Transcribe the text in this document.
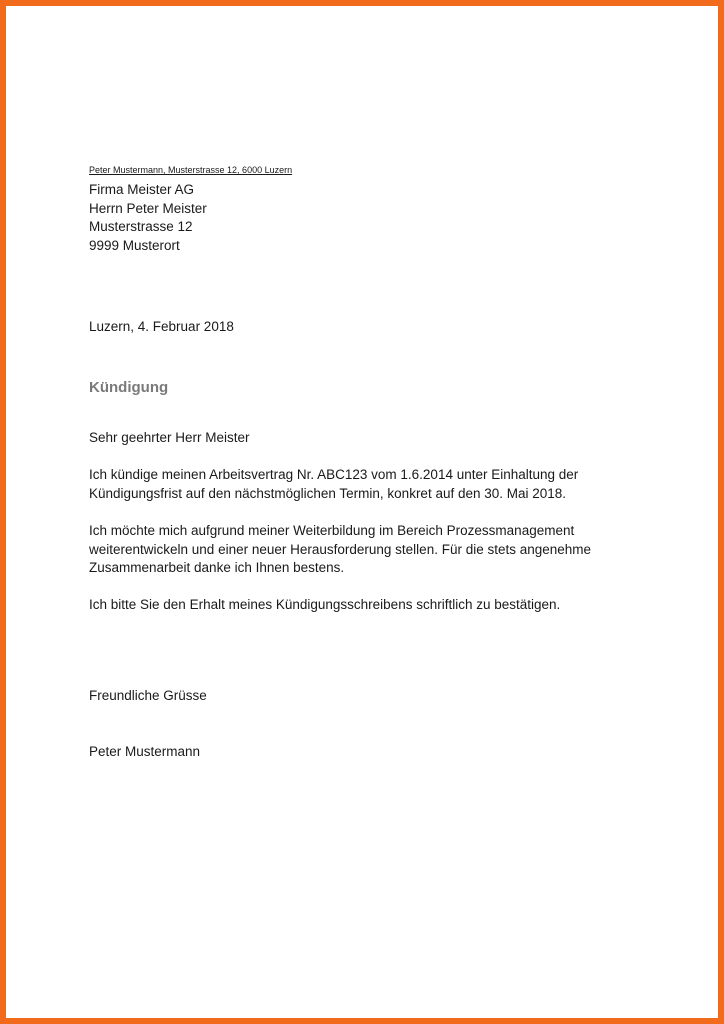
Peter Mustermann, Musterstrasse 12, 6000 Luzern
Firma Meister AG
Herrn Peter Meister
Musterstrasse 12
9999 Musterort
Luzern, 4. Februar 2018
Kündigung
Sehr geehrter Herr Meister
Ich kündige meinen Arbeitsvertrag Nr. ABC123 vom 1.6.2014 unter Einhaltung der
Kündigungsfrist auf den nächstmöglichen Termin, konkret auf den 30. Mai 2018.
Ich möchte mich aufgrund meiner Weiterbildung im Bereich Prozessmanagement
weiterentwickeln und einer neuer Herausforderung stellen. Für die stets angenehme
Zusammenarbeit danke ich Ihnen bestens.
Ich bitte Sie den Erhalt meines Kündigungsschreibens schriftlich zu bestätigen.
Freundliche Grüsse
Peter Mustermann
